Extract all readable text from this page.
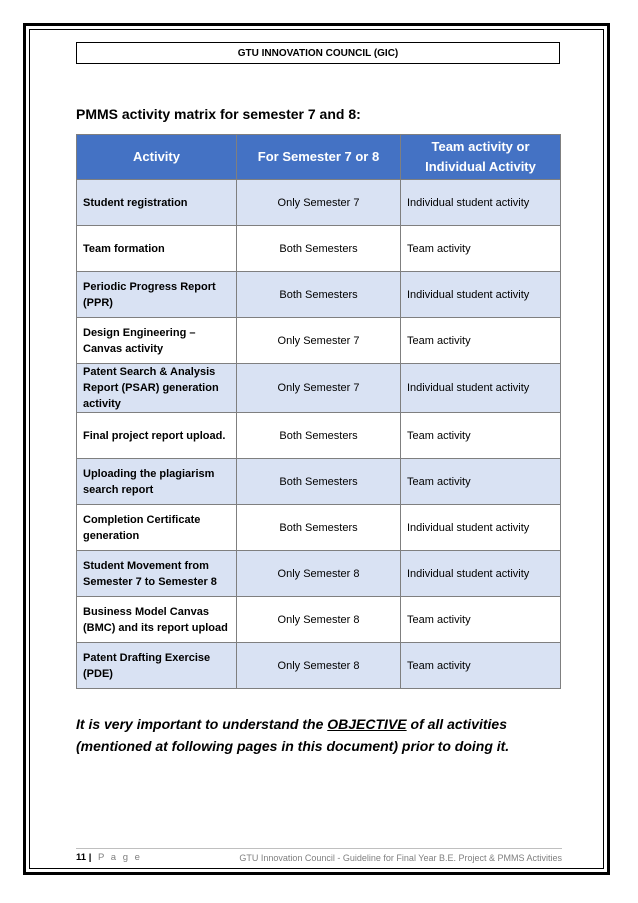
GTU INNOVATION COUNCIL (GIC)
PMMS activity matrix for semester 7 and 8:
Activity	For Semester 7 or 8	Team activity or Individual Activity
Student registration	Only Semester 7	Individual student activity
Team formation	Both Semesters	Team activity
Periodic Progress Report (PPR)	Both Semesters	Individual student activity
Design Engineering – Canvas activity	Only Semester 7	Team activity
Patent Search & Analysis Report (PSAR) generation activity	Only Semester 7	Individual student activity
Final project report upload.	Both Semesters	Team activity
Uploading the plagiarism search report	Both Semesters	Team activity
Completion Certificate generation	Both Semesters	Individual student activity
Student Movement from Semester 7 to Semester 8	Only Semester 8	Individual student activity
Business Model Canvas (BMC) and its report upload	Only Semester 8	Team activity
Patent Drafting Exercise (PDE)	Only Semester 8	Team activity
It is very important to understand the OBJECTIVE of all activities (mentioned at following pages in this document) prior to doing it.
11 | P a g e	GTU Innovation Council - Guideline for Final Year B.E. Project & PMMS Activities
